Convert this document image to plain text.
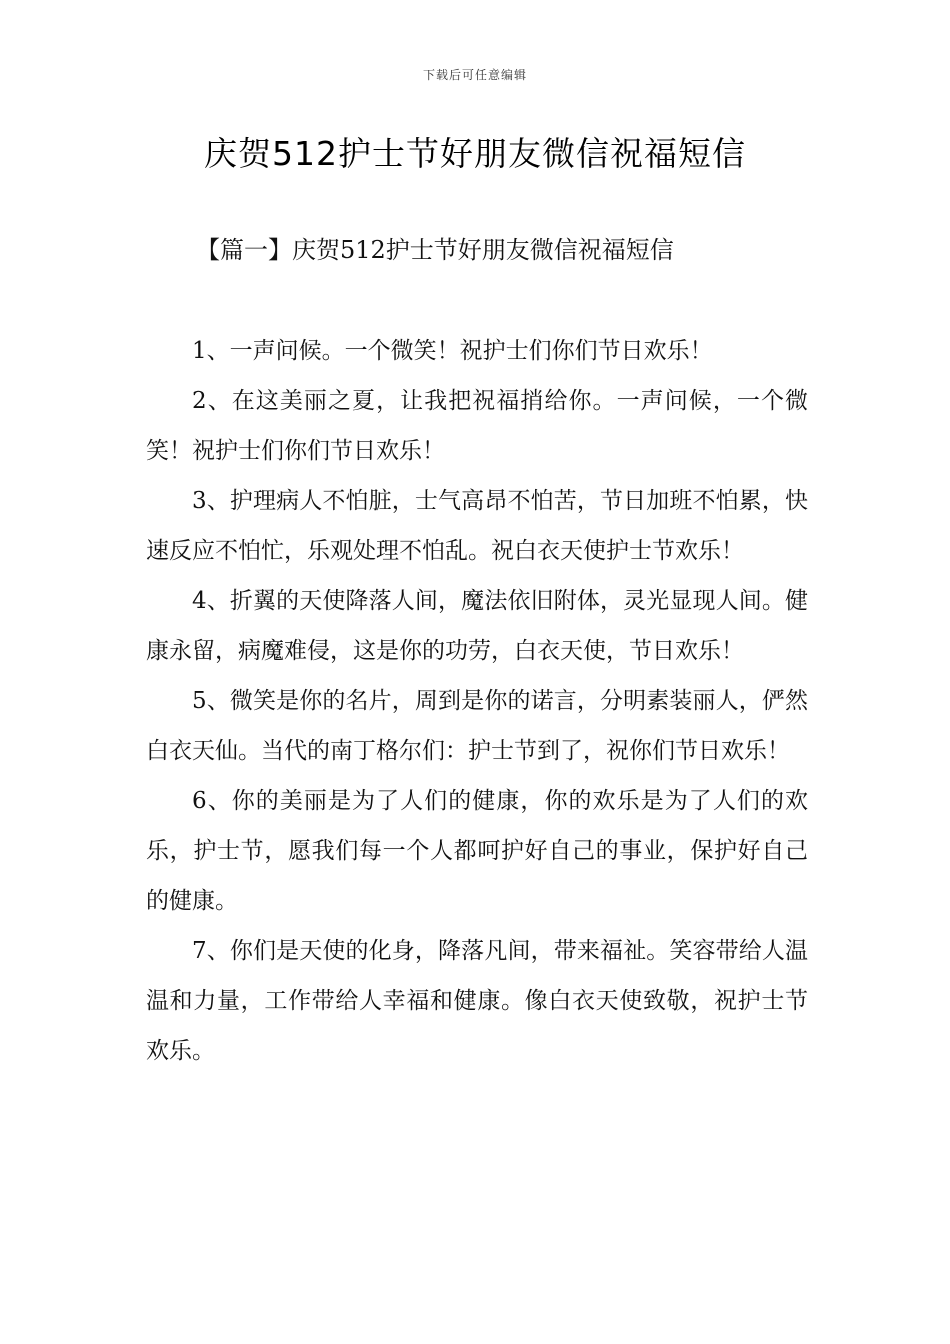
下载后可任意编辑
庆贺512护士节好朋友微信祝福短信
【篇一】庆贺512护士节好朋友微信祝福短信

1、一声问候。一个微笑！祝护士们你们节日欢乐！

2、在这美丽之夏，让我把祝福捎给你。一声问候，一个微笑！祝护士们你们节日欢乐！

3、护理病人不怕脏，士气高昂不怕苦，节日加班不怕累，快速反应不怕忙，乐观处理不怕乱。祝白衣天使护士节欢乐！

4、折翼的天使降落人间，魔法依旧附体，灵光显现人间。健康永留，病魔难侵，这是你的功劳，白衣天使，节日欢乐！

5、微笑是你的名片，周到是你的诺言，分明素装丽人，俨然白衣天仙。当代的南丁格尔们：护士节到了，祝你们节日欢乐！

6、你的美丽是为了人们的健康，你的欢乐是为了人们的欢乐，护士节，愿我们每一个人都呵护好自己的事业，保护好自己的健康。

7、你们是天使的化身，降落凡间，带来福祉。笑容带给人温温和力量，工作带给人幸福和健康。像白衣天使致敬，祝护士节欢乐。
